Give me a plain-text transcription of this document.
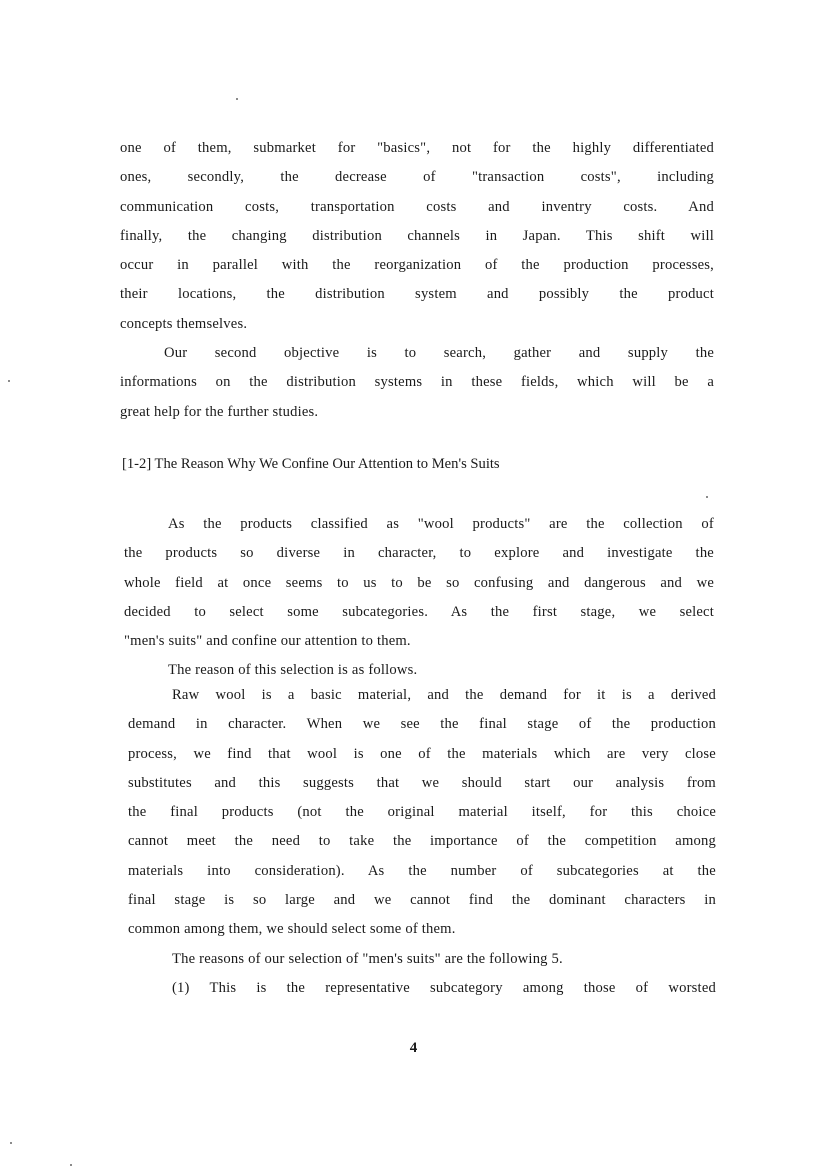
one of them, submarket for "basics", not for the highly differentiated
ones, secondly, the decrease of "transaction costs", including
communication costs, transportation costs and inventry costs. And
finally, the changing distribution channels in Japan. This shift will
occur in parallel with the reorganization of the production processes,
their locations, the distribution system and possibly the product
concepts themselves.
Our second objective is to search, gather and supply the
informations on the distribution systems in these fields, which will be a
great help for the further studies.
[1-2] The Reason Why We Confine Our Attention to Men's Suits
As the products classified as "wool products" are the collection of
the products so diverse in character, to explore and investigate the
whole field at once seems to us to be so confusing and dangerous and we
decided to select some subcategories. As the first stage, we select
"men's suits" and confine our attention to them.
The reason of this selection is as follows.
Raw wool is a basic material, and the demand for it is a derived
demand in character. When we see the final stage of the production
process, we find that wool is one of the materials which are very close
substitutes and this suggests that we should start our analysis from
the final products (not the original material itself, for this choice
cannot meet the need to take the importance of the competition among
materials into consideration). As the number of subcategories at the
final stage is so large and we cannot find the dominant characters in
common among them, we should select some of them.
The reasons of our selection of "men's suits" are the following 5.
(1) This is the representative subcategory among those of worsted
4
